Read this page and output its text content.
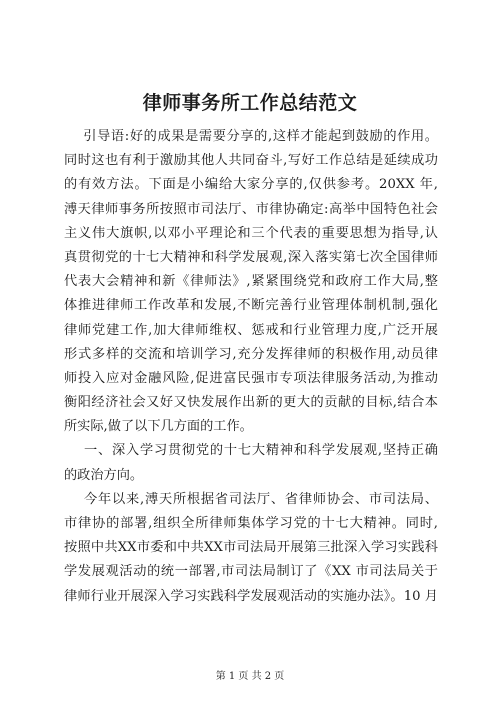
律师事务所工作总结范文
引导语:好的成果是需要分享的,这样才能起到鼓励的作用。
同时这也有利于激励其他人共同奋斗,写好工作总结是延续成功
的有效方法。下面是小编给大家分享的,仅供参考。20XX 年,
溥天律师事务所按照市司法厅、市律协确定:高举中国特色社会
主义伟大旗帜,以邓小平理论和三个代表的重要思想为指导,认
真贯彻党的十七大精神和科学发展观,深入落实第七次全国律师
代表大会精神和新《律师法》,紧紧围绕党和政府工作大局,整
体推进律师工作改革和发展,不断完善行业管理体制机制,强化
律师党建工作,加大律师维权、惩戒和行业管理力度,广泛开展
形式多样的交流和培训学习,充分发挥律师的积极作用,动员律
师投入应对金融风险,促进富民强市专项法律服务活动,为推动
衡阳经济社会又好又快发展作出新的更大的贡献的目标,结合本
所实际,做了以下几方面的工作。
一、深入学习贯彻党的十七大精神和科学发展观,坚持正确
的政治方向。
今年以来,溥天所根据省司法厅、省律师协会、市司法局、
市律协的部署,组织全所律师集体学习党的十七大精神。同时,
按照中共XX市委和中共XX市司法局开展第三批深入学习实践科
学发展观活动的统一部署,市司法局制订了《XX 市司法局关于
律师行业开展深入学习实践科学发展观活动的实施办法》。10 月
第 1 页 共 2 页
